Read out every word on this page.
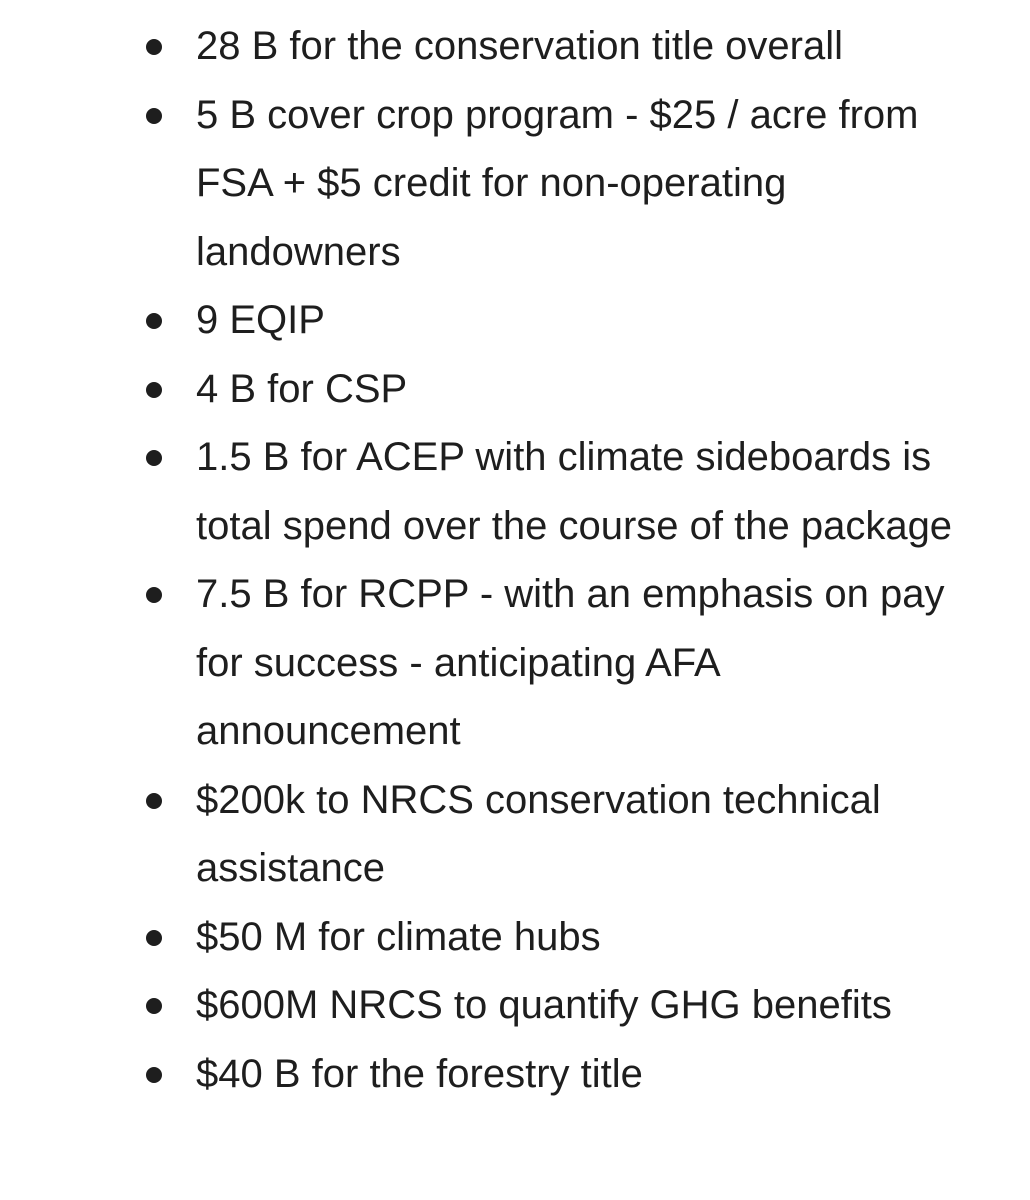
28 B for the conservation title overall
5 B cover crop program - $25 / acre from FSA + $5 credit for non-operating landowners
9 EQIP
4 B for CSP
1.5 B for ACEP with climate sideboards is total spend over the course of the package
7.5 B for RCPP - with an emphasis on pay for success - anticipating AFA announcement
$200k to NRCS conservation technical assistance
$50 M for climate hubs
$600M NRCS to quantify GHG benefits
$40 B for the forestry title
